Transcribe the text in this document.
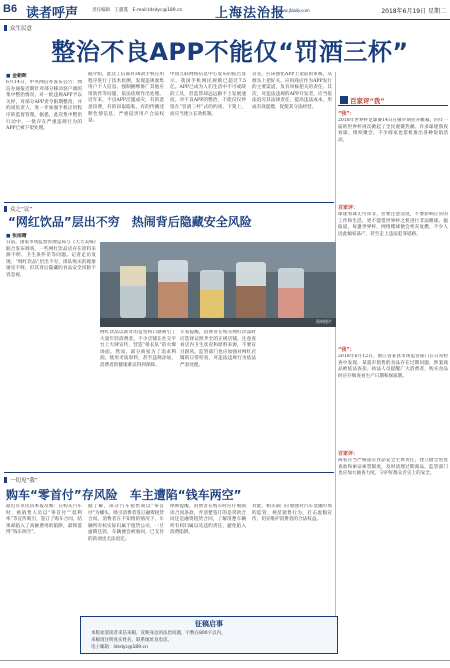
B6 读者呼声	责任编辑　王蕙蔓　E-mail:ldsdyc@189.cn	上海法治报
www.jfdaily.com	2018年6月19日 星期二
众生民意
整治不良APP不能仅“罚酒三杯”
■ 金朝晖
6月14日，中央网信办发布公告：网信办通报近期针对部分移动客户端的集中整治情况，对一批违规APP予以关停，对部分APP责令限期整改，并约谈负责人，进一步加强手机应用程序的监督管理。据悉，此次集中整治行动中，一批存在严重违规行为的APP已被下架处理。
据介绍，此次工信部对38款手机应用程序进行了技术检测，发现违规收集用户个人信息、强制捆绑推广其他应用软件等问题，依法依规作出处理。近年来，不良APP泛滥成灾，有的恶意扣费，有的窃取隐私，有的传播淫秽色情信息，严重侵害用户合法权益。
中国互联网络信息中心发布的报告显示，我国手机网民规模已超过7.5亿。APP已成为人们生活中不可或缺的工具，但监管却远远跟不上发展速度。对不良APP的整治，不能仅仅停留在“罚酒三杯”式的约谈、下架上，而应当建立长效机制。
首先，应该强化APP上架前的审核，从源头上把好关。应用商店作为APP发行的主要渠道，负有审核把关的责任。其次，对违法违规的APP开发者，应当依法追究其法律责任，提高违法成本，形成有效震慑，促使其守法经营。
百家评“我”
“我”：
2018年世界杯足球赛14日在俄罗斯拉开帷幕，四年一届的世界杯再次掀起了全民观赛热潮。许多球迷熬夜看球、组织聚会，不少商家也借机推出各种促销活动。
百家评：
球迷看球无可厚非，但要注意适度，不要影响正常的工作和生活，更不能借世界杯之机进行非法赌球。据报道，每逢世界杯，网络赌球便会死灰复燃，不少人因此倾家荡产，甚至走上违法犯罪道路。
“我”：
2018年6月12日，浙江省某县市场监管部门在日常检查中发现，某超市销售的食品存在过期问题，涉案商品被依法查扣。执法人员提醒广大消费者，购买食品时应仔细查看生产日期和保质期。
百家评：
商家应当严格落实食品安全主体责任，建立健全进货查验和索证索票制度，及时清理过期商品。监管部门也应加大抽查力度，守护好群众舌尖上的安全。
众之“议”
“网红饮品”层出不穷　热闹背后隐藏安全风险
■ 张雨晴
日前，国家市场监督管理总局与《天天美味》联合发布调查，一些网红饮品店存在原料来源不明、卫生条件差等问题。记者走访发现，“网红饮品”层出不穷，排队购买的现象屡见不鲜，但其背后隐藏的食品安全风险不容忽视。
资料图片
网红饮品以新奇的造型和口感吸引了大量年轻消费者。不少店铺在社交平台上大肆宣传，营造“排长队”的火爆场面。然而，部分商家为了追求利润，使用劣质原料，甚至违规添加，消费者的健康难以得到保障。
专家提醒，消费者在购买网红饮品时应选择证照齐全的正规店铺，注意查看店内卫生状况和原料来源，不要盲目跟风。监管部门也应加强对网红店铺的日常检查，对违法违规行为依法严肃处理。
一切见“我”
购车“零首付”存风险　车主遭陷“钱车两空”
最近有市民向本报反映：在购买汽车时，被销售人员以“零首付”“低利率”等宣传吸引，签订了购车合同，结果却陷入了高额费用的陷阱，最终落得“钱车两空”。
据了解，部分汽车销售商以“零首付”为噱头，吸引消费者签订融资租赁合同。消费者在不知情的情况下，车辆所有权实际归属于租赁公司，一旦逾期还款，车辆便会被收回，已支付的款项也无法退还。
律师提醒，消费者在购车时应仔细阅读合同条款，弄清楚签订的是贷款合同还是融资租赁合同，了解清楚车辆所有权归属以及违约责任，避免陷入消费陷阱。
对此，相关部门应加强对汽车金融市场的监管，规范销售行为，打击虚假宣传，切实维护消费者的合法权益。
征稿启事
本版欢迎读者来信来稿，反映身边的法治问题，字数在800字以内。
来稿请注明真实姓名、联系地址及电话。
电子邮箱：ldsdyc@189.cn
